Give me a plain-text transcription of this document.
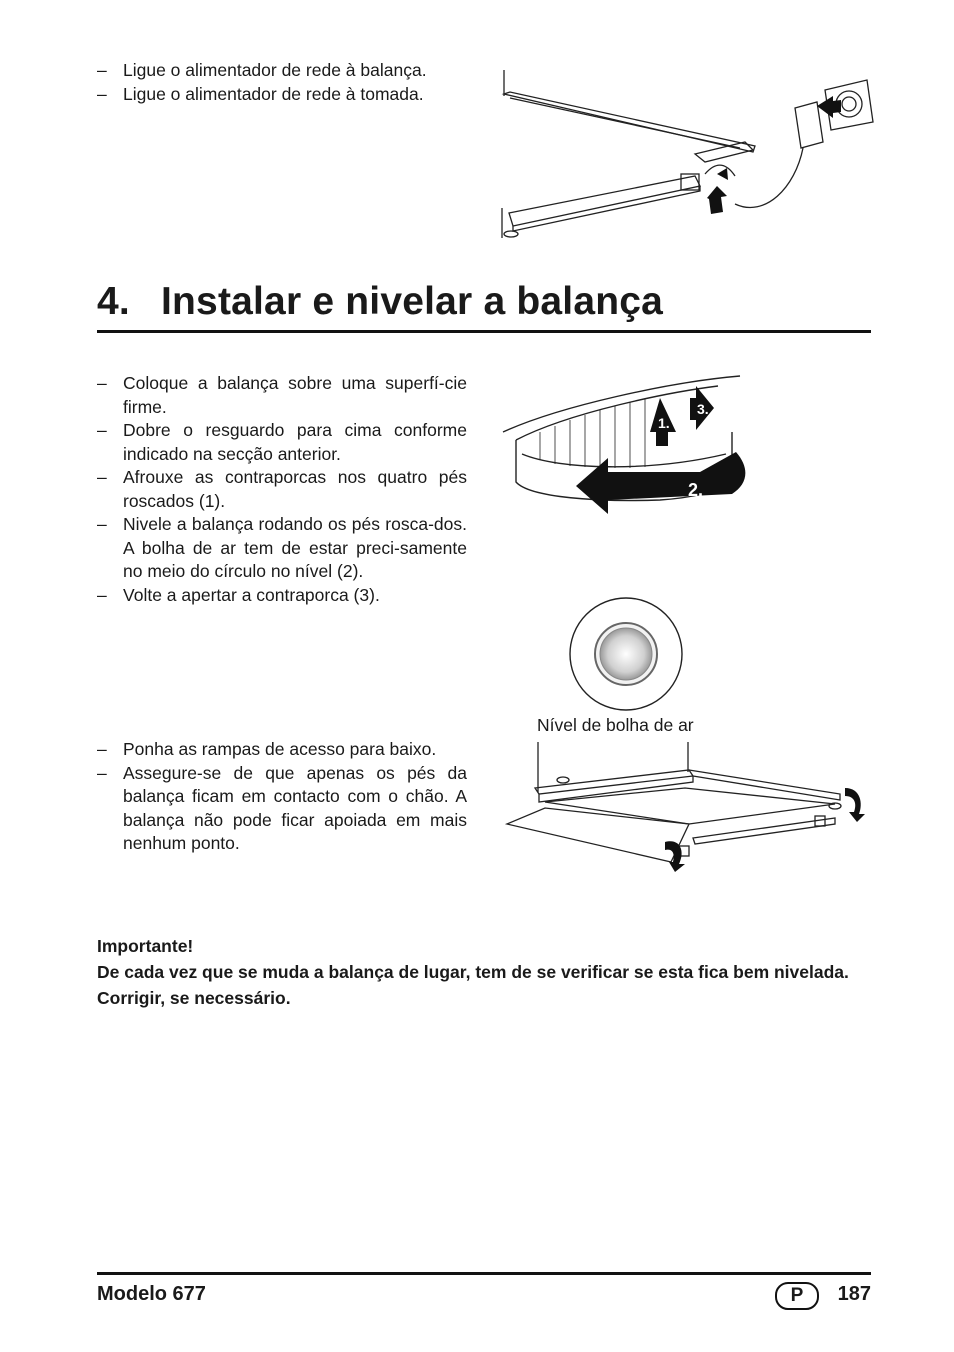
– Ligue o alimentador de rede à balança.
– Ligue o alimentador de rede à tomada.
4. Instalar e nivelar a balança
– Coloque a balança sobre uma superfí-cie firme.
– Dobre o resguardo para cima conforme indicado na secção anterior.
– Afrouxe as contraporcas nos quatro pés roscados (1).
– Nivele a balança rodando os pés rosca-dos. A bolha de ar tem de estar preci-samente no meio do círculo no nível (2).
– Volte a apertar a contraporca (3).
1.
3.
2.
Nível de bolha de ar
– Ponha as rampas de acesso para baixo.
– Assegure-se de que apenas os pés da balança ficam em contacto com o chão. A balança não pode ficar apoiada em mais nenhum ponto.
Importante!
De cada vez que se muda a balança de lugar, tem de se verificar se esta fica bem nivelada. Corrigir, se necessário.
Modelo 677	P	187
